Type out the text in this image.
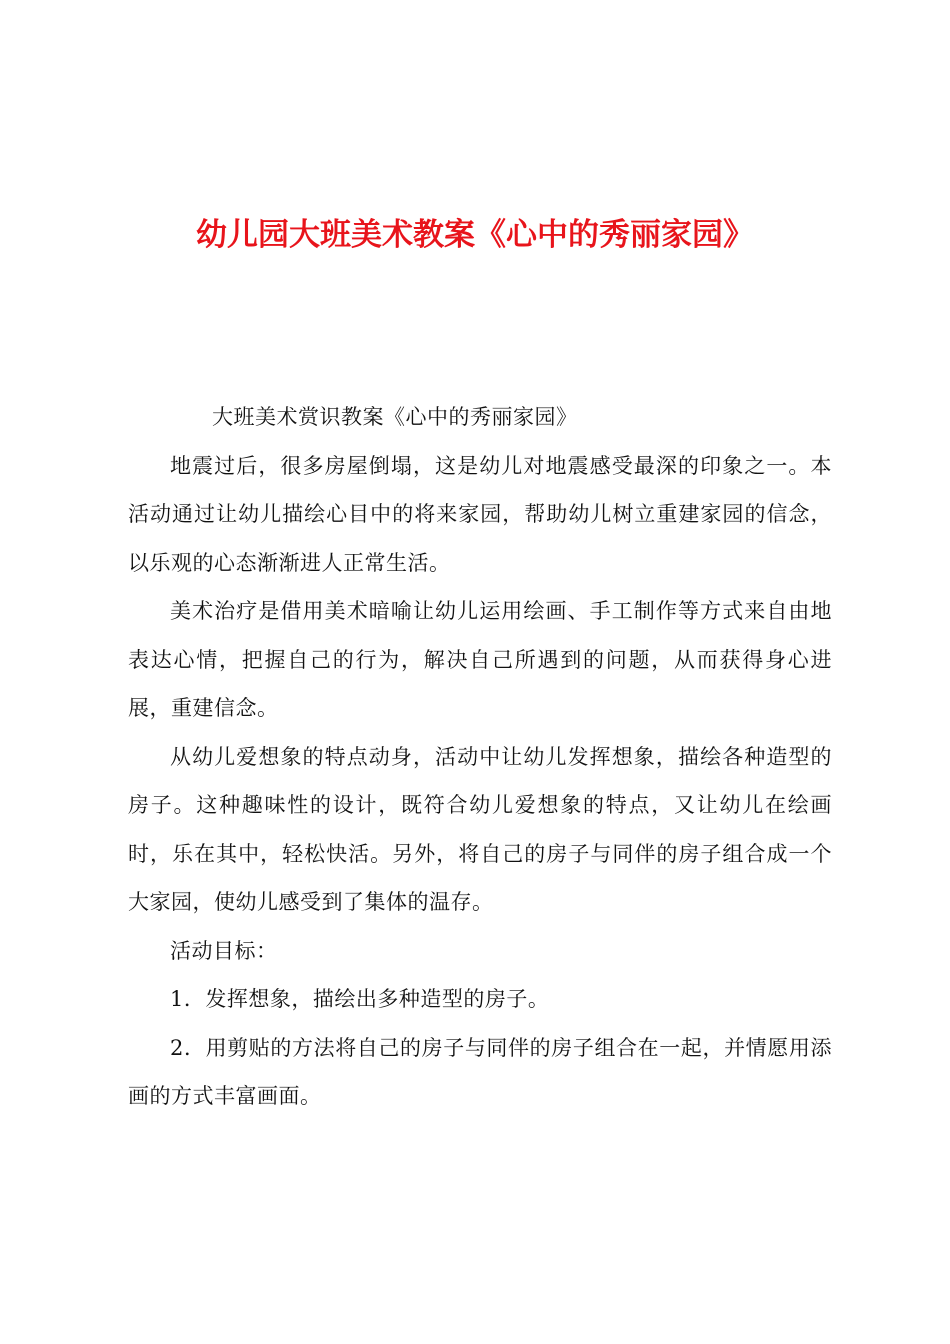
幼儿园大班美术教案《心中的秀丽家园》

大班美术赏识教案《心中的秀丽家园》

地震过后，很多房屋倒塌，这是幼儿对地震感受最深的印象之一。本活动通过让幼儿描绘心目中的将来家园，帮助幼儿树立重建家园的信念，以乐观的心态渐渐进人正常生活。

美术治疗是借用美术暗喻让幼儿运用绘画、手工制作等方式来自由地表达心情，把握自己的行为，解决自己所遇到的问题，从而获得身心进展，重建信念。

从幼儿爱想象的特点动身，活动中让幼儿发挥想象，描绘各种造型的房子。这种趣味性的设计，既符合幼儿爱想象的特点，又让幼儿在绘画时，乐在其中，轻松快活。另外，将自己的房子与同伴的房子组合成一个大家园，使幼儿感受到了集体的温存。

活动目标：

1．发挥想象，描绘出多种造型的房子。

2．用剪贴的方法将自己的房子与同伴的房子组合在一起，并情愿用添画的方式丰富画面。
